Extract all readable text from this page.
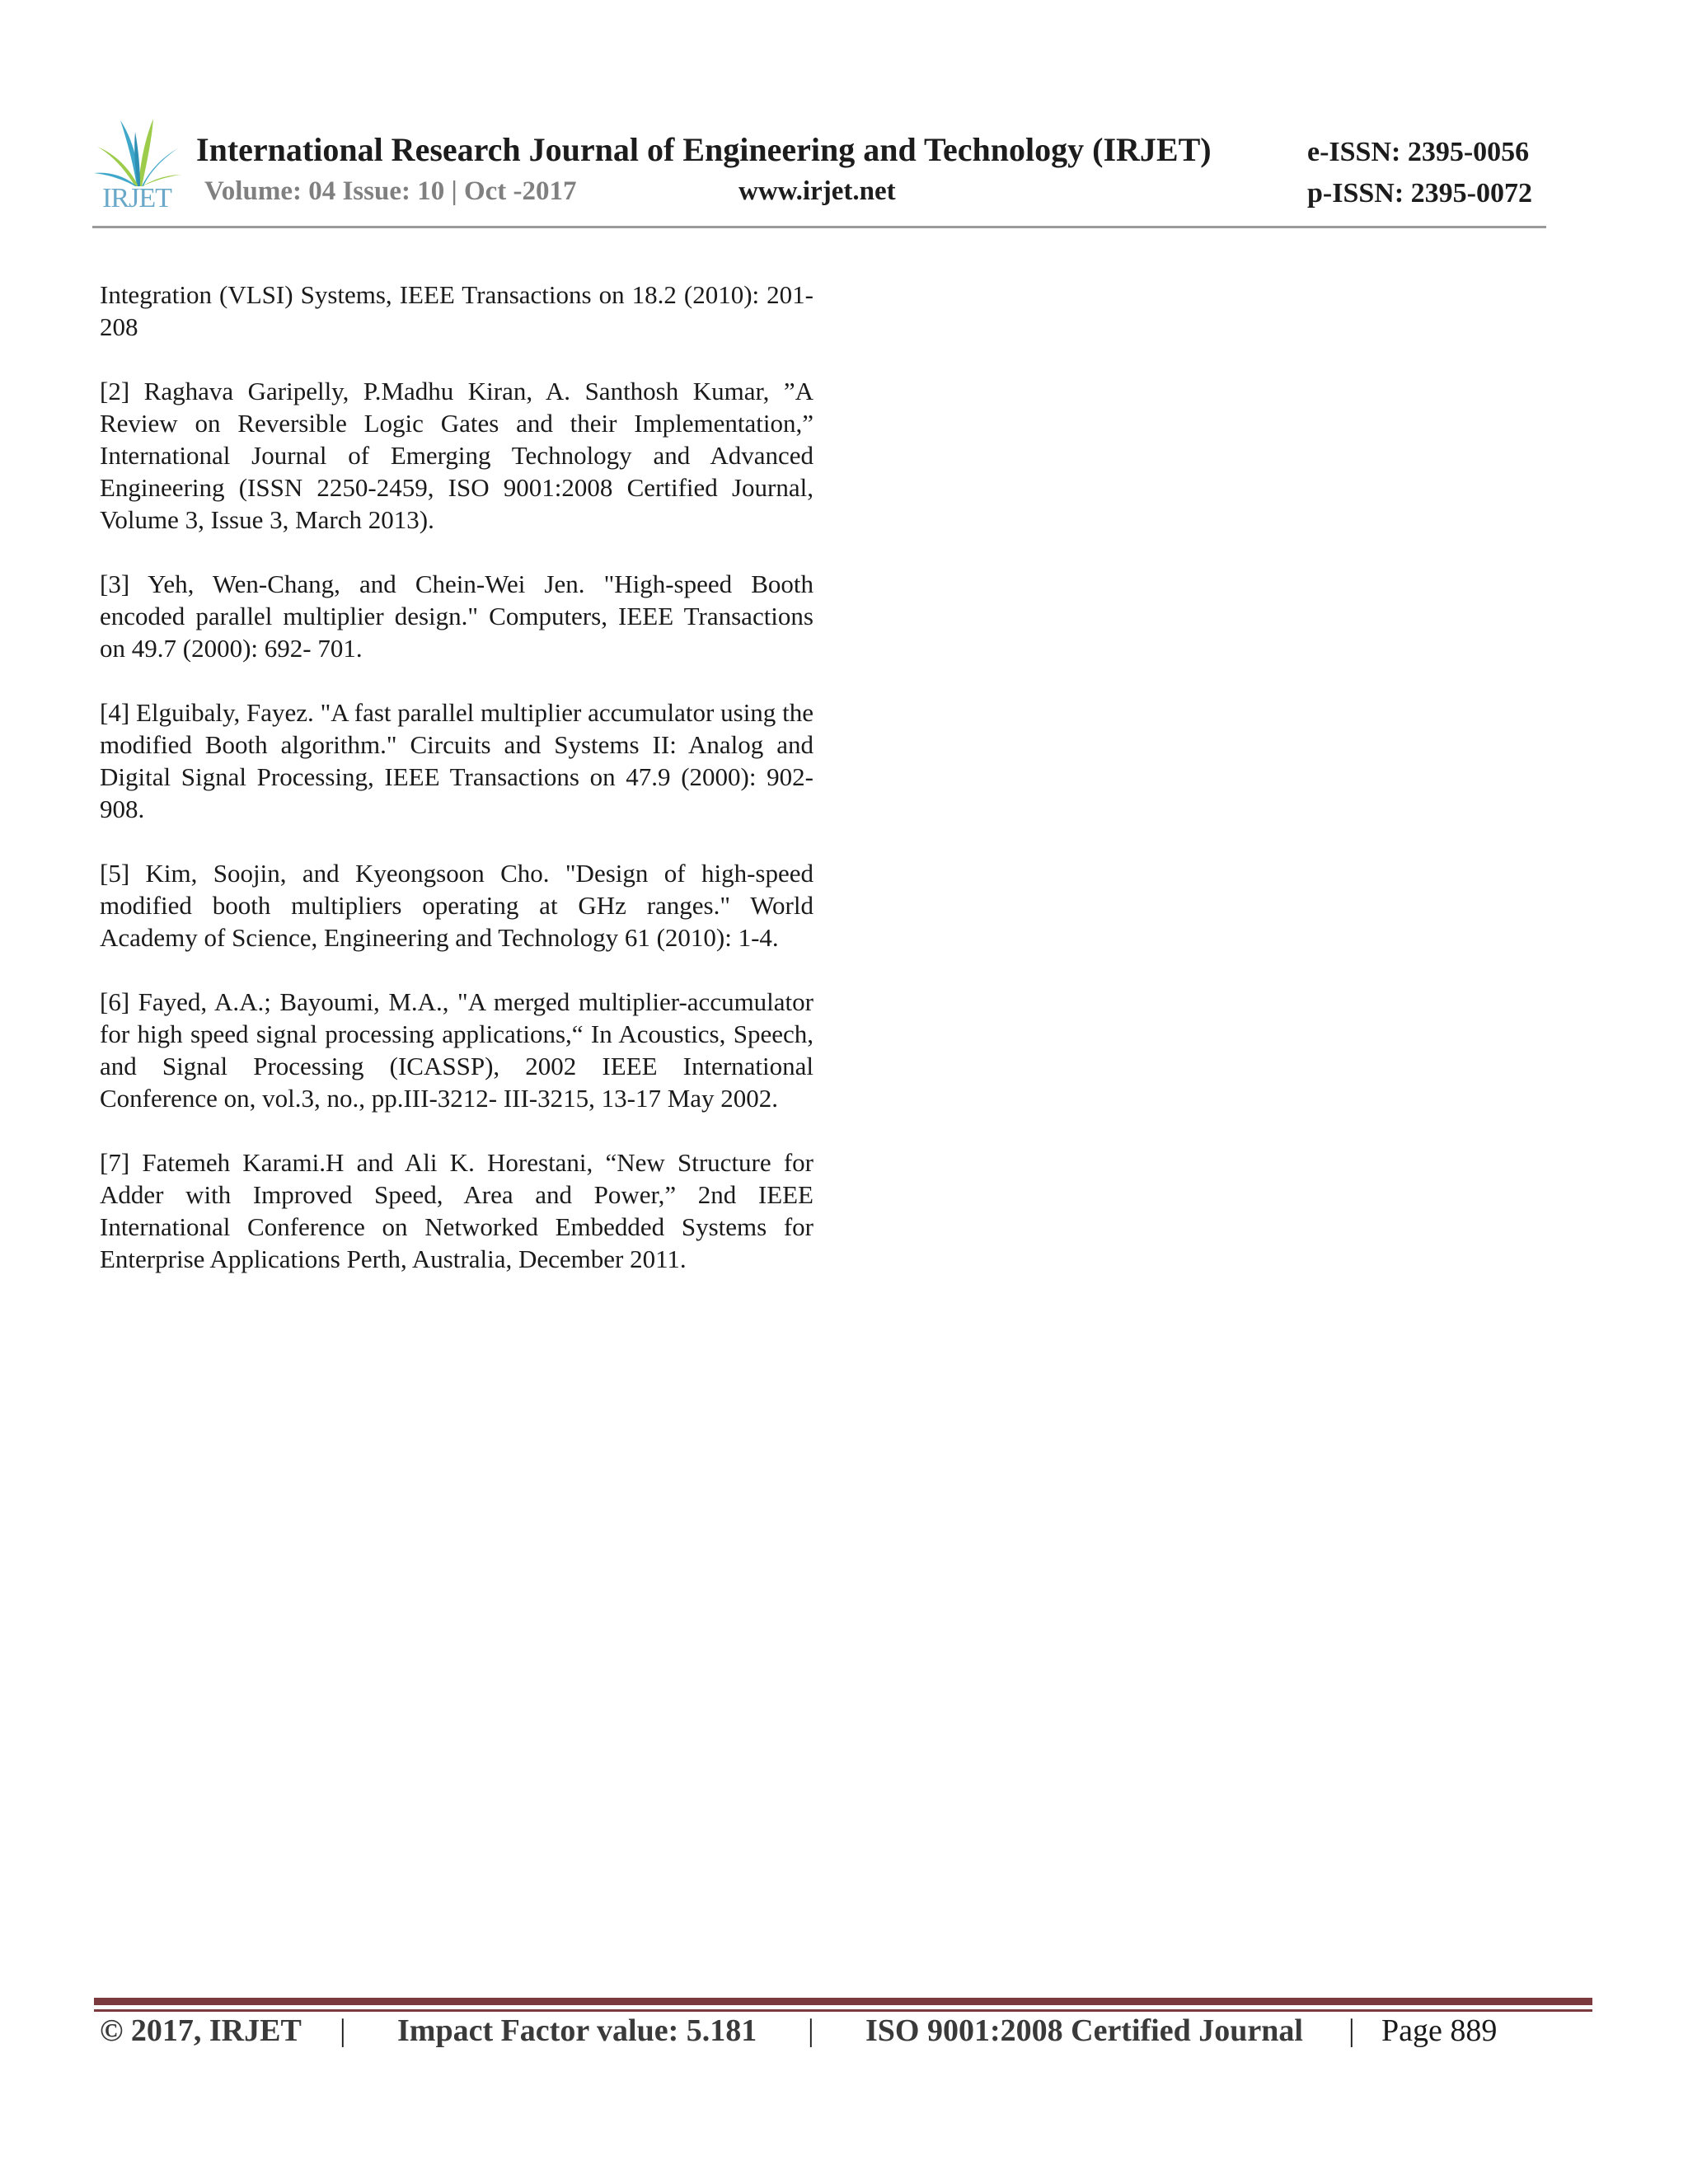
IRJET
International Research Journal of Engineering and Technology (IRJET)	e-ISSN: 2395-0056
Volume: 04 Issue: 10 | Oct -2017	www.irjet.net	p-ISSN: 2395-0072

Integration (VLSI) Systems, IEEE Transactions on 18.2 (2010): 201-208

[2] Raghava Garipelly, P.Madhu Kiran, A. Santhosh Kumar, ”A Review on Reversible Logic Gates and their Implementation,” International Journal of Emerging Technology and Advanced Engineering (ISSN 2250-2459, ISO 9001:2008 Certified Journal, Volume 3, Issue 3, March 2013).

[3] Yeh, Wen-Chang, and Chein-Wei Jen. "High-speed Booth encoded parallel multiplier design." Computers, IEEE Transactions on 49.7 (2000): 692- 701.

[4] Elguibaly, Fayez. "A fast parallel multiplier accumulator using the modified Booth algorithm." Circuits and Systems II: Analog and Digital Signal Processing, IEEE Transactions on 47.9 (2000): 902- 908.

[5] Kim, Soojin, and Kyeongsoon Cho. "Design of high-speed modified booth multipliers operating at GHz ranges." World Academy of Science, Engineering and Technology 61 (2010): 1-4.

[6] Fayed, A.A.; Bayoumi, M.A., "A merged multiplier-accumulator for high speed signal processing applications,“ In Acoustics, Speech, and Signal Processing (ICASSP), 2002 IEEE International Conference on, vol.3, no., pp.III-3212- III-3215, 13-17 May 2002.

[7] Fatemeh Karami.H and Ali K. Horestani, “New Structure for Adder with Improved Speed, Area and Power,” 2nd IEEE International Conference on Networked Embedded Systems for Enterprise Applications Perth, Australia, December 2011.

© 2017, IRJET | Impact Factor value: 5.181 | ISO 9001:2008 Certified Journal | Page 889
